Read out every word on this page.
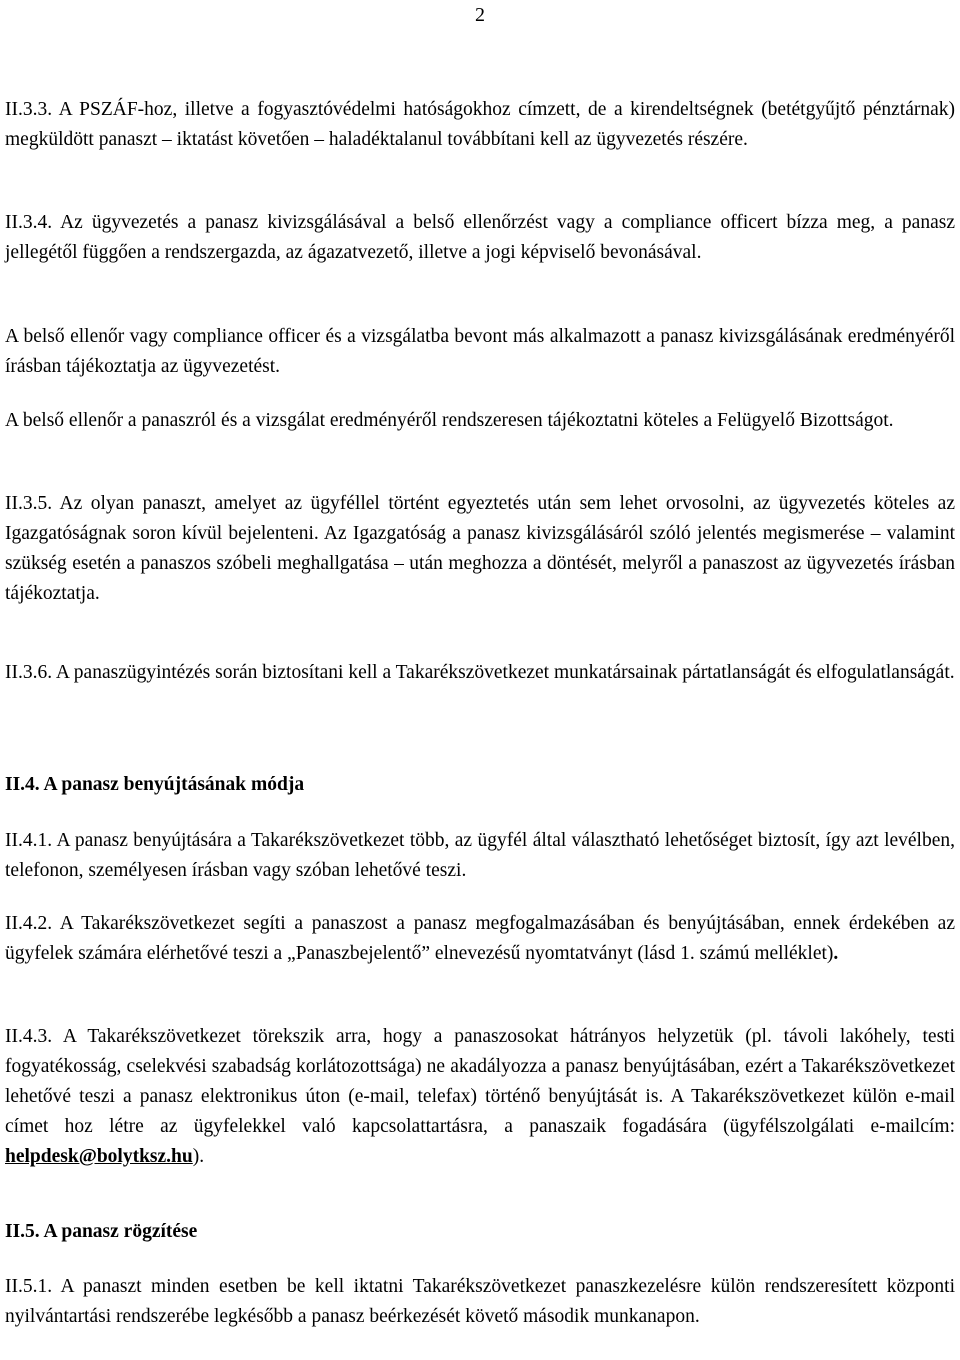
2
II.3.3. A PSZÁF-hoz, illetve a fogyasztóvédelmi hatóságokhoz címzett, de a kirendeltségnek (betétgyűjtő pénztárnak) megküldött panaszt – iktatást követően – haladéktalanul továbbítani kell az ügyvezetés részére.
II.3.4. Az ügyvezetés a panasz kivizsgálásával a belső ellenőrzést vagy a compliance officert bízza meg, a panasz jellegétől függően a rendszergazda, az ágazatvezető, illetve a jogi képviselő bevonásával.
A belső ellenőr vagy compliance officer és a vizsgálatba bevont más alkalmazott a panasz kivizsgálásának eredményéről írásban tájékoztatja az ügyvezetést.
A belső ellenőr a panaszról és a vizsgálat eredményéről rendszeresen tájékoztatni köteles a Felügyelő Bizottságot.
II.3.5. Az olyan panaszt, amelyet az ügyféllel történt egyeztetés után sem lehet orvosolni, az ügyvezetés köteles az Igazgatóságnak soron kívül bejelenteni. Az Igazgatóság a panasz kivizsgálásáról szóló jelentés megismerése – valamint szükség esetén a panaszos szóbeli meghallgatása – után meghozza a döntését, melyről a panaszost az ügyvezetés írásban tájékoztatja.
II.3.6. A panaszügyintézés során biztosítani kell a Takarékszövetkezet munkatársainak pártatlanságát és elfogulatlanságát.
II.4. A panasz benyújtásának módja
II.4.1. A panasz benyújtására a Takarékszövetkezet több, az ügyfél által választható lehetőséget biztosít, így azt levélben, telefonon, személyesen írásban vagy szóban lehetővé teszi.
II.4.2. A Takarékszövetkezet segíti a panaszost a panasz megfogalmazásában és benyújtásában, ennek érdekében az ügyfelek számára elérhetővé teszi a „Panaszbejelentő” elnevezésű nyomtatványt (lásd 1. számú melléklet).
II.4.3. A Takarékszövetkezet törekszik arra, hogy a panaszosokat hátrányos helyzetük (pl. távoli lakóhely, testi fogyatékosság, cselekvési szabadság korlátozottsága) ne akadályozza a panasz benyújtásában, ezért a Takarékszövetkezet lehetővé teszi a panasz elektronikus úton (e-mail, telefax) történő benyújtását is. A Takarékszövetkezet külön e-mail címet hoz létre az ügyfelekkel való kapcsolattartásra, a panaszaik fogadására (ügyfélszolgálati e-mailcím: helpdesk@bolytksz.hu).
II.5. A panasz rögzítése
II.5.1. A panaszt minden esetben be kell iktatni Takarékszövetkezet panaszkezelésre külön rendszeresített központi nyilvántartási rendszerébe legkésőbb a panasz beérkezését követő második munkanapon.
